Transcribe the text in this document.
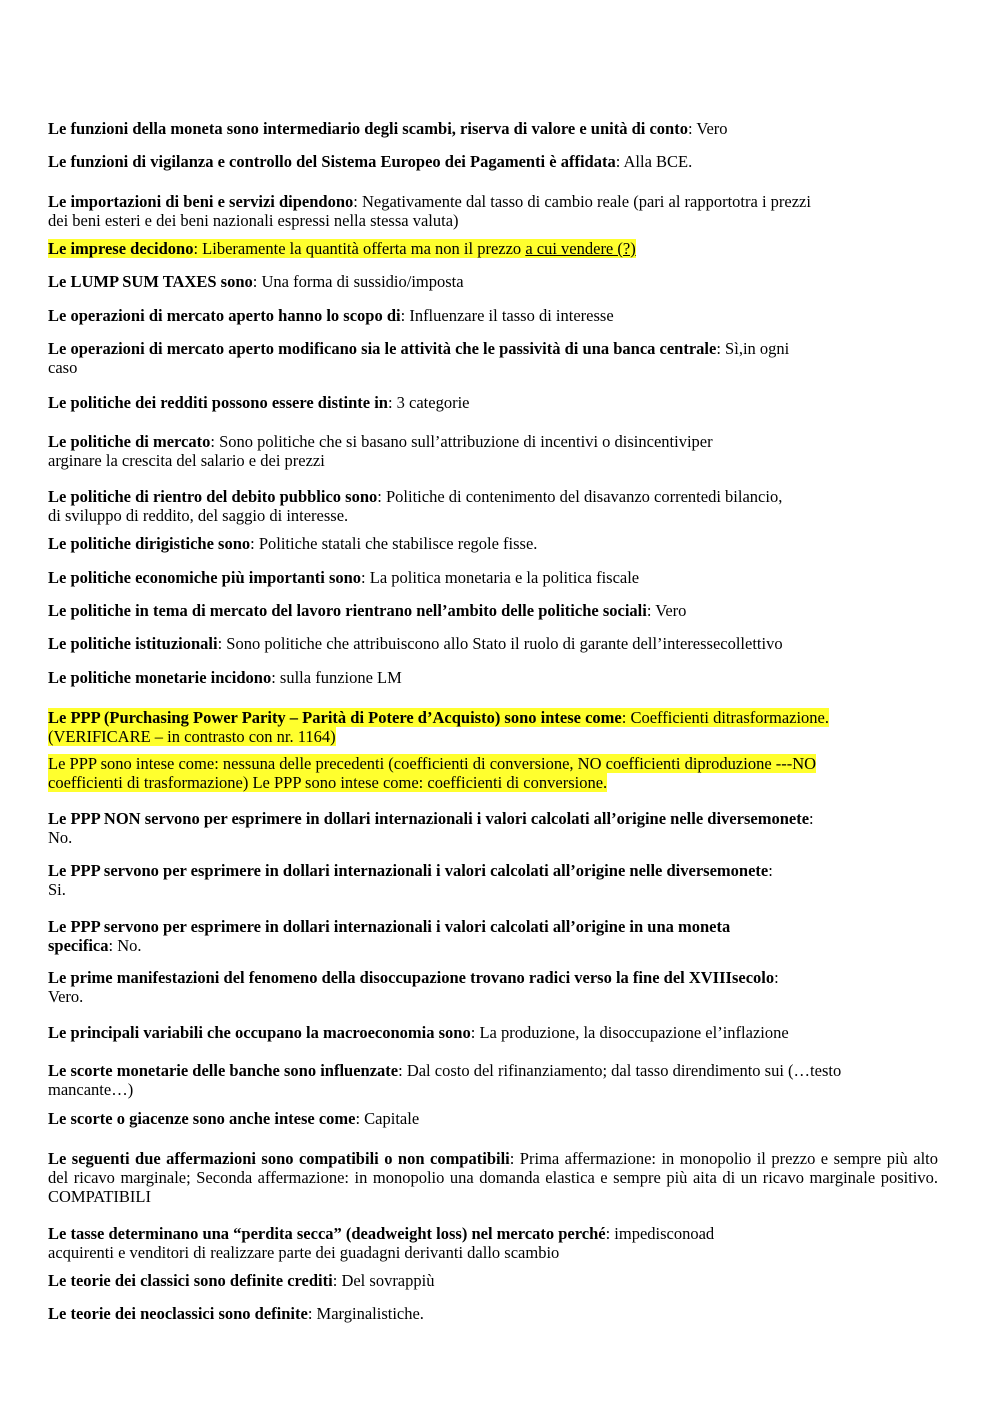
Le funzioni della moneta sono intermediario degli scambi, riserva di valore e unità di conto: Vero
Le funzioni di vigilanza e controllo del Sistema Europeo dei Pagamenti è affidata: Alla BCE.
Le importazioni di beni e servizi dipendono: Negativamente dal tasso di cambio reale (pari al rapportotra i prezzi
dei beni esteri e dei beni nazionali espressi nella stessa valuta)
Le imprese decidono: Liberamente la quantità offerta ma non il prezzo a cui vendere (?)
Le LUMP SUM TAXES sono: Una forma di sussidio/imposta
Le operazioni di mercato aperto hanno lo scopo di: Influenzare il tasso di interesse
Le operazioni di mercato aperto modificano sia le attività che le passività di una banca centrale: Sì,in ogni
caso
Le politiche dei redditi possono essere distinte in: 3 categorie
Le politiche di mercato: Sono politiche che si basano sull’attribuzione di incentivi o disincentiviper
arginare la crescita del salario e dei prezzi
Le politiche di rientro del debito pubblico sono: Politiche di contenimento del disavanzo correntedi bilancio,
di sviluppo di reddito, del saggio di interesse.
Le politiche dirigistiche sono: Politiche statali che stabilisce regole fisse.
Le politiche economiche più importanti sono: La politica monetaria e la politica fiscale
Le politiche in tema di mercato del lavoro rientrano nell’ambito delle politiche sociali: Vero
Le politiche istituzionali: Sono politiche che attribuiscono allo Stato il ruolo di garante dell’interessecollettivo
Le politiche monetarie incidono: sulla funzione LM
Le PPP (Purchasing Power Parity – Parità di Potere d’Acquisto) sono intese come: Coefficienti ditrasformazione.
(VERIFICARE – in contrasto con nr. 1164)
Le PPP sono intese come: nessuna delle precedenti (coefficienti di conversione, NO coefficienti diproduzione ---NO
coefficienti di trasformazione) Le PPP sono intese come: coefficienti di conversione.
Le PPP NON servono per esprimere in dollari internazionali i valori calcolati all’origine nelle diversemonete:
No.
Le PPP servono per esprimere in dollari internazionali i valori calcolati all’origine nelle diversemonete:
Si.
Le PPP servono per esprimere in dollari internazionali i valori calcolati all’origine in una moneta
specifica: No.
Le prime manifestazioni del fenomeno della disoccupazione trovano radici verso la fine del XVIIIsecolo:
Vero.
Le principali variabili che occupano la macroeconomia sono: La produzione, la disoccupazione el’inflazione
Le scorte monetarie delle banche sono influenzate: Dal costo del rifinanziamento; dal tasso direndimento sui (…testo
mancante…)
Le scorte o giacenze sono anche intese come: Capitale
Le seguenti due affermazioni sono compatibili o non compatibili: Prima affermazione: in monopolio il prezzo e sempre più alto del ricavo marginale; Seconda affermazione: in monopolio una domanda elastica e sempre più aita di un ricavo marginale positivo. COMPATIBILI
Le tasse determinano una “perdita secca” (deadweight loss) nel mercato perché: impedisconoad
acquirenti e venditori di realizzare parte dei guadagni derivanti dallo scambio
Le teorie dei classici sono definite crediti: Del sovrappiù
Le teorie dei neoclassici sono definite: Marginalistiche.
